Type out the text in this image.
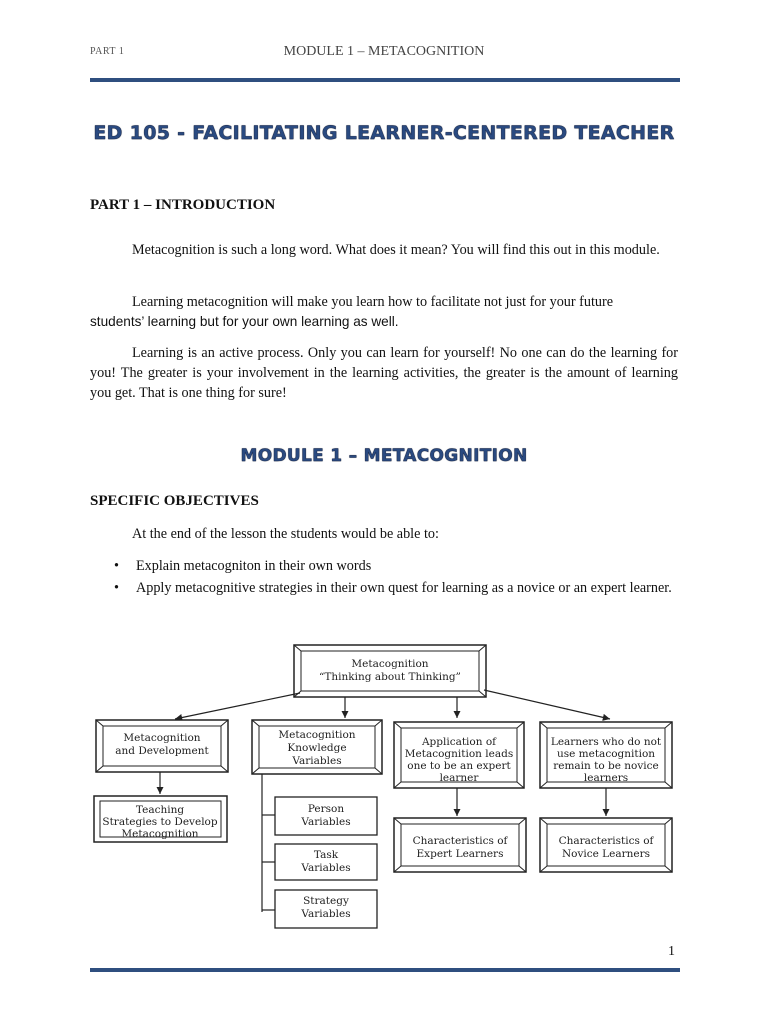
PART 1	MODULE 1 – METACOGNITION
ED 105 - FACILITATING LEARNER-CENTERED TEACHER
PART 1 – INTRODUCTION
Metacognition is such a long word. What does it mean? You will find this out in this module.
Learning metacognition will make you learn how to facilitate not just for your future
students’ learning but for your own learning as well.
Learning is an active process. Only you can learn for yourself! No one can do the learning for you! The greater is your involvement in the learning activities, the greater is the amount of learning you get. That is one thing for sure!
MODULE 1 – METACOGNITION
SPECIFIC OBJECTIVES
At the end of the lesson the students would be able to:
• Explain metacogniton in their own words
• Apply metacognitive strategies in their own quest for learning as a novice or an expert learner.
Metacognition
“Thinking about Thinking”
Metacognition
and Development
Teaching
Strategies to Develop
Metacognition
Metacognition
Knowledge
Variables
Person
Variables
Task
Variables
Strategy
Variables
Application of
Metacognition leads
one to be an expert
learner
Characteristics of
Expert Learners
Learners who do not
use metacognition
remain to be novice
learners
Characteristics of
Novice Learners
1
